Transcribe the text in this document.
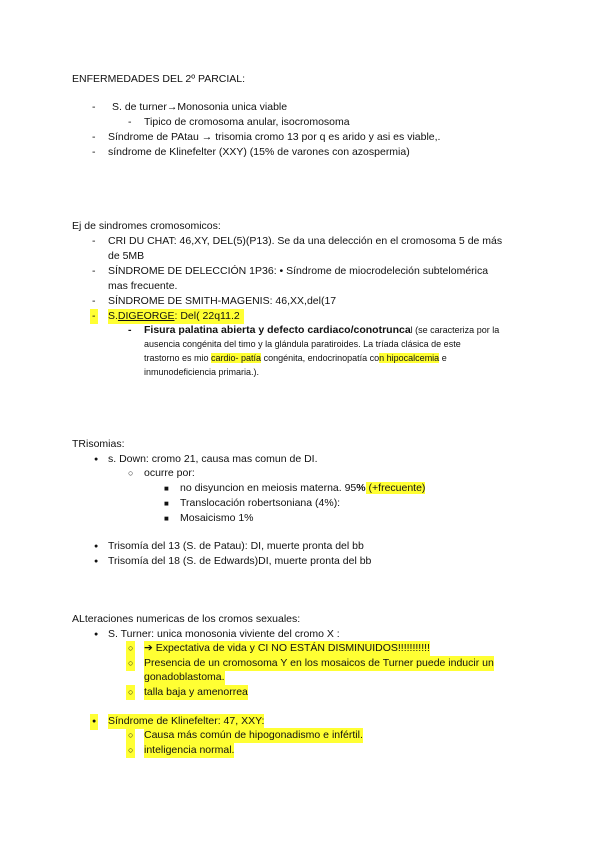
ENFERMEDADES DEL 2º PARCIAL:
-
S. de turner→Monosonia unica viable
-
Tipico de cromosoma anular, isocromosoma
-
Síndrome de PAtau → trisomia cromo 13 por q es arido y asi es viable,.
-
síndrome de Klinefelter (XXY) (15% de varones con azospermia)
Ej de sindromes cromosomicos:
-
CRI DU CHAT: 46,XY, DEL(5)(P13). Se da una delección en el cromosoma 5 de más
de 5MB
-
SÍNDROME DE DELECCIÓN 1P36: • Síndrome de miocrodeleción subtelomérica
mas frecuente.
-
SÍNDROME DE SMITH-MAGENIS: 46,XX,del(17
-
S.DIGEORGE: Del( 22q11.2
-
Fisura palatina abierta y defecto cardiaco/conotruncal (se caracteriza por la
ausencia congénita del timo y la glándula paratiroides. La tríada clásica de este
trastorno es mio cardio- patía congénita, endocrinopatía con hipocalcemia e
inmunodeficiencia primaria.).
TRisomias:
●
s. Down: cromo 21, causa mas comun de DI.
○
ocurre por:
■
no disyuncion en meiosis materna. 95% (+frecuente)
■
Translocación robertsoniana (4%):
■
Mosaicismo 1%
●
Trisomía del 13 (S. de Patau): DI, muerte pronta del bb
●
Trisomía del 18 (S. de Edwards)DI, muerte pronta del bb
ALteraciones numericas de los cromos sexuales:
●
S. Turner: unica monosonia viviente del cromo X :
○
➔ Expectativa de vida y CI NO ESTÁN DISMINUIDOS!!!!!!!!!!!
○
Presencia de un cromosoma Y en los mosaicos de Turner puede inducir un
gonadoblastoma.
○
talla baja y amenorrea
●
Síndrome de Klinefelter: 47, XXY:
○
Causa más común de hipogonadismo e infértil.
○
inteligencia normal.
